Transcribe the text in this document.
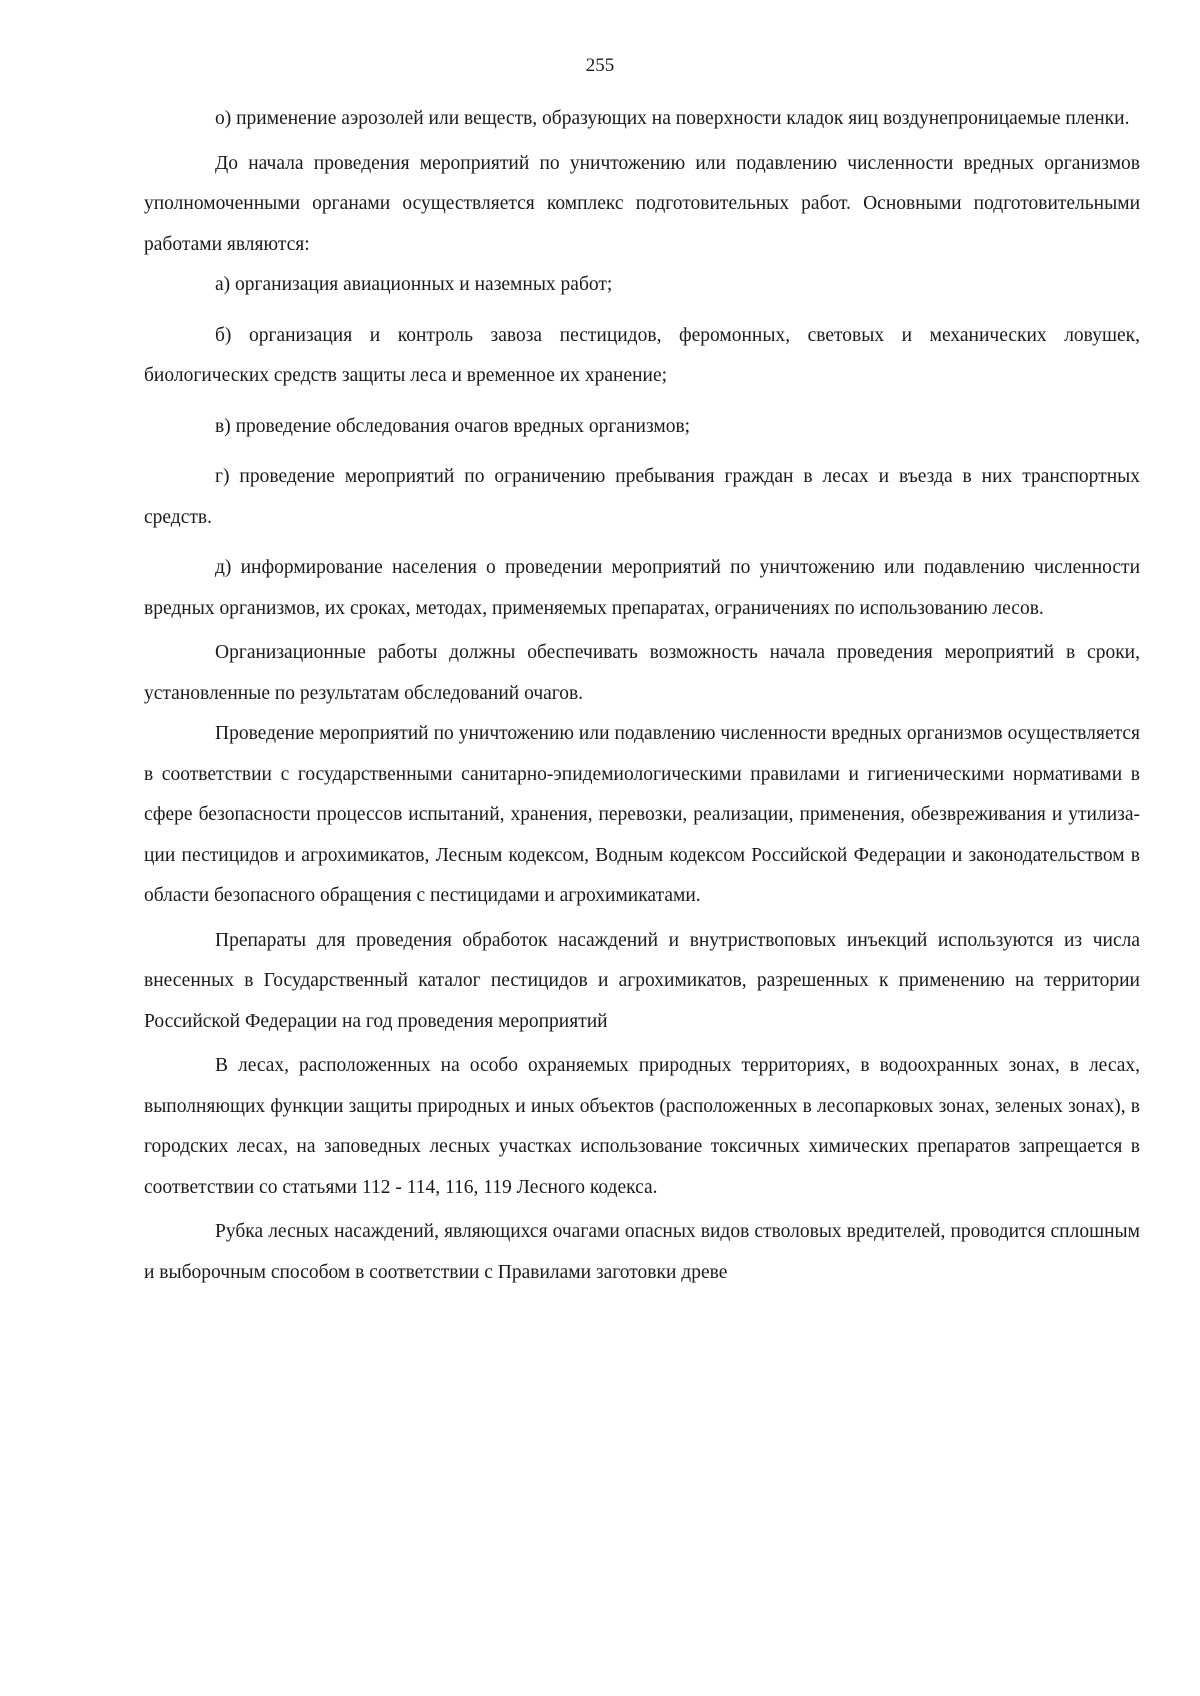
255

о) применение аэрозолей или веществ, образующих на поверхности кладок яиц воздунепроницаемые пленки.

До начала проведения мероприятий по уничтожению или подавлению численности вредных организмов уполномоченными органами осуществляется комплекс подготовительных работ. Основными подготовительными работами являются:

а) организация авиационных и наземных работ;

б) организация и контроль завоза пестицидов, феромонных, световых и механических ловушек, биологических средств защиты леса и временное их хранение;

в) проведение обследования очагов вредных организмов;

г) проведение мероприятий по ограничению пребывания граждан в лесах и въезда в них транспортных средств.

д) информирование населения о проведении мероприятий по уничтожению или подавлению численности вредных организмов, их сроках, методах, применяемых препаратах, ограничениях по использованию лесов.

Организационные работы должны обеспечивать возможность начала проведения мероприятий в сроки, установленные по результатам обследований очагов.

Проведение мероприятий по уничтожению или подавлению численности вредных организмов осуществляется в соответствии с государственными санитарно-эпидемиологическими правилами и гигиеническими нормативами в сфере безопасности процессов испытаний, хранения, перевозки, реализации, применения, обезвреживания и утилизации пестицидов и агрохимикатов, Лесным кодексом, Водным кодексом Российской Федерации и законодательством в области безопасного обращения с пестицидами и агрохимикатами.

Препараты для проведения обработок насаждений и внутриствоповых инъекций используются из числа внесенных в Государственный каталог пестицидов и агрохимикатов, разрешенных к применению на территории Российской Федерации на год проведения мероприятий

В лесах, расположенных на особо охраняемых природных территориях, в водоохранных зонах, в лесах, выполняющих функции защиты природных и иных объектов (расположенных в лесопарковых зонах, зеленых зонах), в городских лесах, на заповедных лесных участках использование токсичных химических препаратов запрещается в соответствии со статьями 112 - 114, 116, 119 Лесного кодекса.

Рубка лесных насаждений, являющихся очагами опасных видов стволовых вредителей, проводится сплошным и выборочным способом в соответствии с Правилами заготовки древе
